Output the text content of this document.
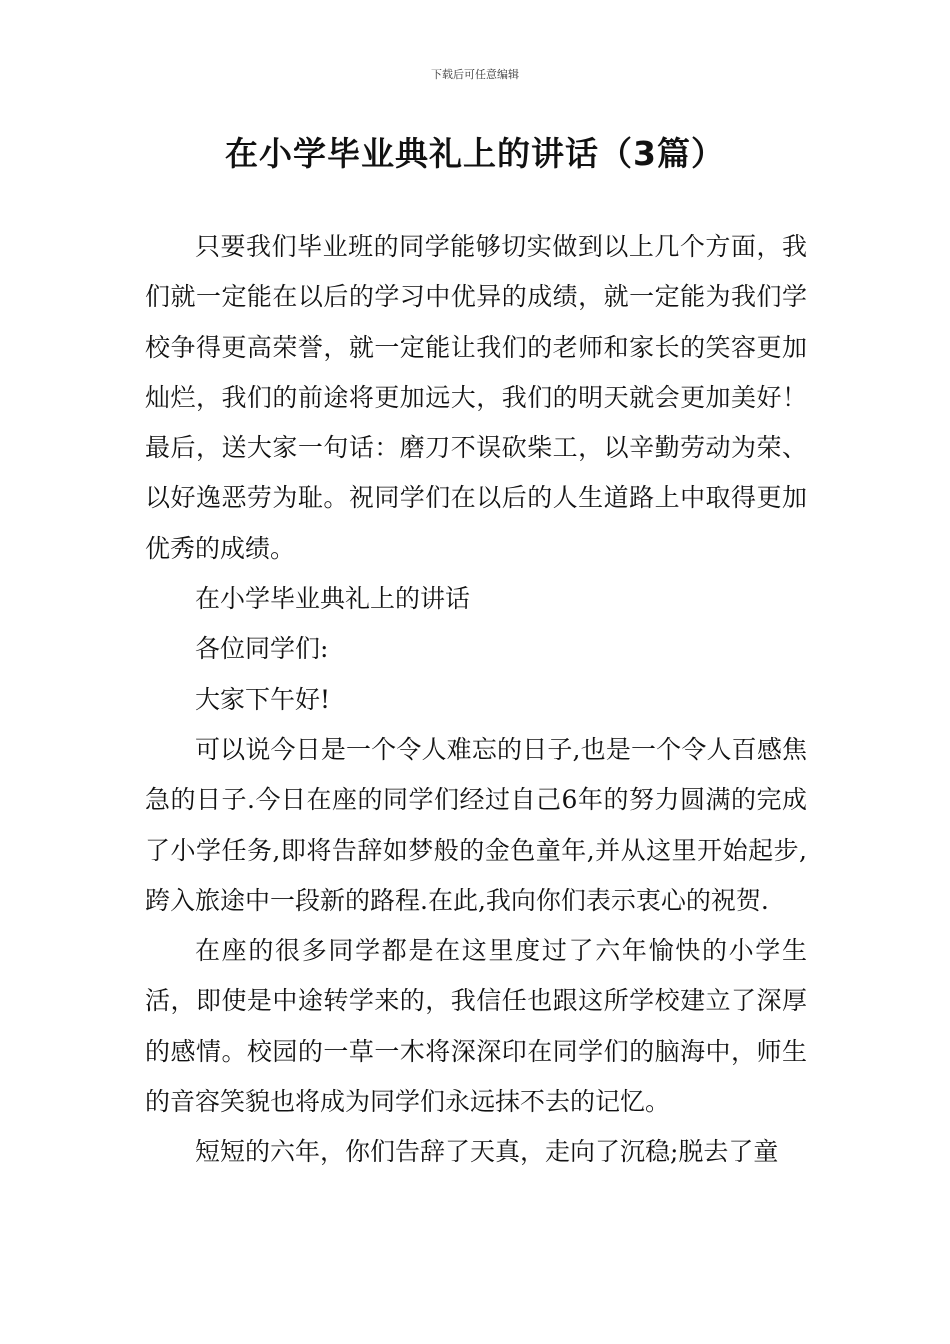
下载后可任意编辑
在小学毕业典礼上的讲话（3篇）

只要我们毕业班的同学能够切实做到以上几个方面，我们就一定能在以后的学习中优异的成绩，就一定能为我们学校争得更高荣誉，就一定能让我们的老师和家长的笑容更加灿烂，我们的前途将更加远大，我们的明天就会更加美好！最后，送大家一句话：磨刀不误砍柴工，以辛勤劳动为荣、以好逸恶劳为耻。祝同学们在以后的人生道路上中取得更加优秀的成绩。

在小学毕业典礼上的讲话

各位同学们:

大家下午好!

可以说今日是一个令人难忘的日子,也是一个令人百感焦急的日子.今日在座的同学们经过自己6年的努力圆满的完成了小学任务,即将告辞如梦般的金色童年,并从这里开始起步,跨入旅途中一段新的路程.在此,我向你们表示衷心的祝贺.

在座的很多同学都是在这里度过了六年愉快的小学生活，即使是中途转学来的，我信任也跟这所学校建立了深厚的感情。校园的一草一木将深深印在同学们的脑海中，师生的音容笑貌也将成为同学们永远抹不去的记忆。

短短的六年，你们告辞了天真，走向了沉稳;脱去了童
